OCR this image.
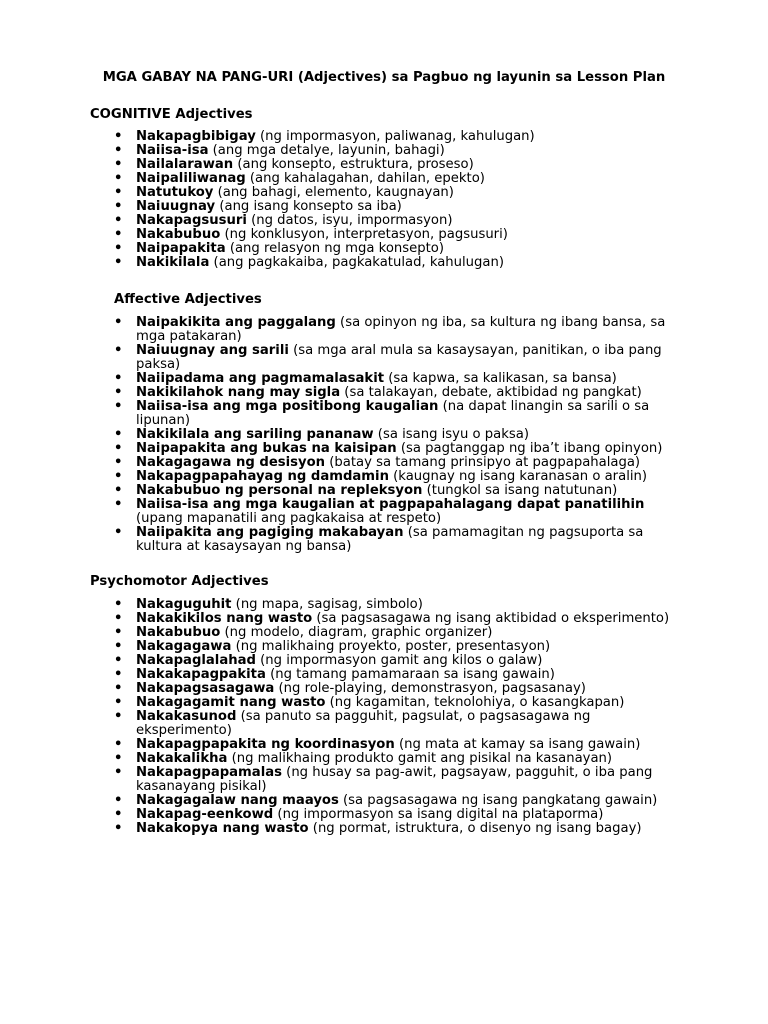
MGA GABAY NA PANG-URI (Adjectives) sa Pagbuo ng layunin sa Lesson Plan
COGNITIVE Adjectives
• Nakapagbibigay (ng impormasyon, paliwanag, kahulugan)
• Naiisa-isa (ang mga detalye, layunin, bahagi)
• Nailalarawan (ang konsepto, estruktura, proseso)
• Naipaliliwanag (ang kahalagahan, dahilan, epekto)
• Natutukoy (ang bahagi, elemento, kaugnayan)
• Naiuugnay (ang isang konsepto sa iba)
• Nakapagsusuri (ng datos, isyu, impormasyon)
• Nakabubuo (ng konklusyon, interpretasyon, pagsusuri)
• Naipapakita (ang relasyon ng mga konsepto)
• Nakikilala (ang pagkakaiba, pagkakatulad, kahulugan)
Affective Adjectives
• Naipakikita ang paggalang (sa opinyon ng iba, sa kultura ng ibang bansa, sa mga patakaran)
• Naiuugnay ang sarili (sa mga aral mula sa kasaysayan, panitikan, o iba pang paksa)
• Naiipadama ang pagmamalasakit (sa kapwa, sa kalikasan, sa bansa)
• Nakikilahok nang may sigla (sa talakayan, debate, aktibidad ng pangkat)
• Naiisa-isa ang mga positibong kaugalian (na dapat linangin sa sarili o sa lipunan)
• Nakikilala ang sariling pananaw (sa isang isyu o paksa)
• Naipapakita ang bukas na kaisipan (sa pagtanggap ng iba’t ibang opinyon)
• Nakagagawa ng desisyon (batay sa tamang prinsipyo at pagpapahalaga)
• Nakapagpapahayag ng damdamin (kaugnay ng isang karanasan o aralin)
• Nakabubuo ng personal na repleksyon (tungkol sa isang natutunan)
• Naiisa-isa ang mga kaugalian at pagpapahalagang dapat panatilihin (upang mapanatili ang pagkakaisa at respeto)
• Naiipakita ang pagiging makabayan (sa pamamagitan ng pagsuporta sa kultura at kasaysayan ng bansa)
Psychomotor Adjectives
• Nakaguguhit (ng mapa, sagisag, simbolo)
• Nakakikilos nang wasto (sa pagsasagawa ng isang aktibidad o eksperimento)
• Nakabubuo (ng modelo, diagram, graphic organizer)
• Nakagagawa (ng malikhaing proyekto, poster, presentasyon)
• Nakapaglalahad (ng impormasyon gamit ang kilos o galaw)
• Nakakapagpakita (ng tamang pamamaraan sa isang gawain)
• Nakapagsasagawa (ng role-playing, demonstrasyon, pagsasanay)
• Nakagagamit nang wasto (ng kagamitan, teknolohiya, o kasangkapan)
• Nakakasunod (sa panuto sa pagguhit, pagsulat, o pagsasagawa ng eksperimento)
• Nakapagpapakita ng koordinasyon (ng mata at kamay sa isang gawain)
• Nakakalikha (ng malikhaing produkto gamit ang pisikal na kasanayan)
• Nakapagpapamalas (ng husay sa pag-awit, pagsayaw, pagguhit, o iba pang kasanayang pisikal)
• Nakagagalaw nang maayos (sa pagsasagawa ng isang pangkatang gawain)
• Nakapag-eenkowd (ng impormasyon sa isang digital na plataporma)
• Nakakopya nang wasto (ng pormat, istruktura, o disenyo ng isang bagay)
